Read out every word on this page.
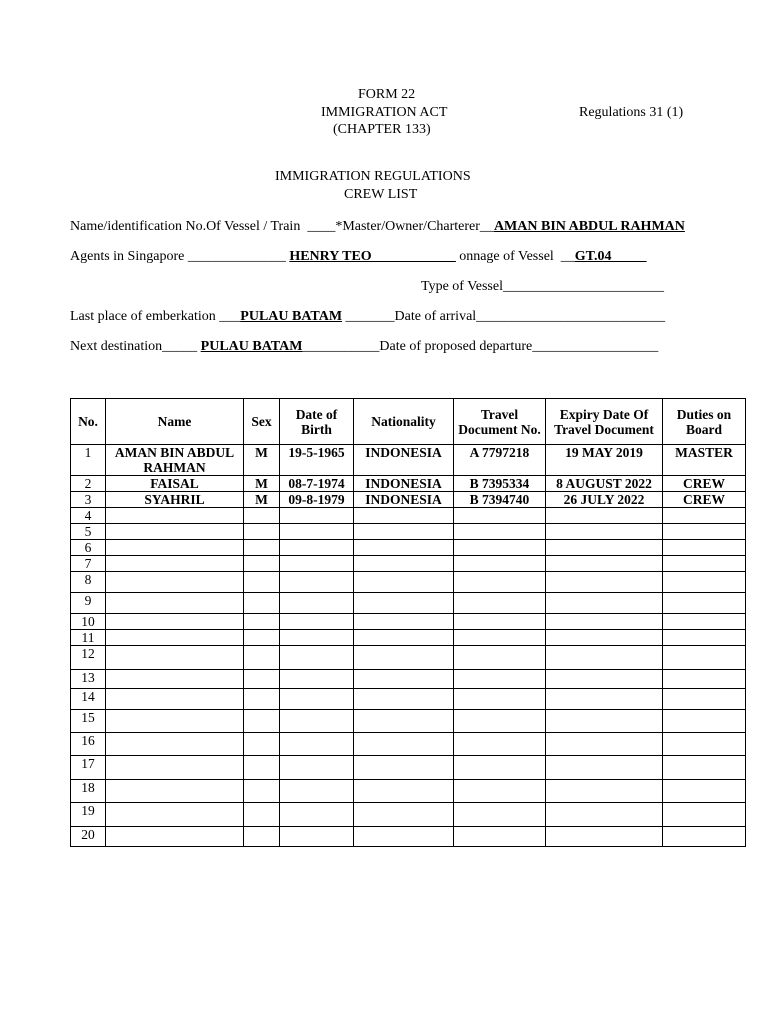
FORM 22
IMMIGRATION ACT	Regulations 31 (1)
(CHAPTER 133)
IMMIGRATION REGULATIONS
CREW LIST
Name/identification No.Of Vessel / Train  ____*Master/Owner/Charterer__AMAN BIN ABDUL RAHMAN
Agents in Singapore ______________ HENRY TEO____________ onnage of Vessel  __GT.04_____
Type of Vessel_______________________
Last place of emberkation ___PULAU BATAM _______Date of arrival___________________________
Next destination_____ PULAU BATAM___________Date of proposed departure__________________
No.	Name	Sex	Date of Birth	Nationality	Travel Document No.	Expiry Date Of Travel Document	Duties on Board
1	AMAN BIN ABDUL RAHMAN	M	19-5-1965	INDONESIA	A 7797218	19 MAY 2019	MASTER
2	FAISAL	M	08-7-1974	INDONESIA	B 7395334	8 AUGUST 2022	CREW
3	SYAHRIL	M	09-8-1979	INDONESIA	B 7394740	26 JULY 2022	CREW
4							
5							
6							
7							
8							
9							
10							
11							
12							
13							
14							
15							
16							
17							
18							
19							
20							
